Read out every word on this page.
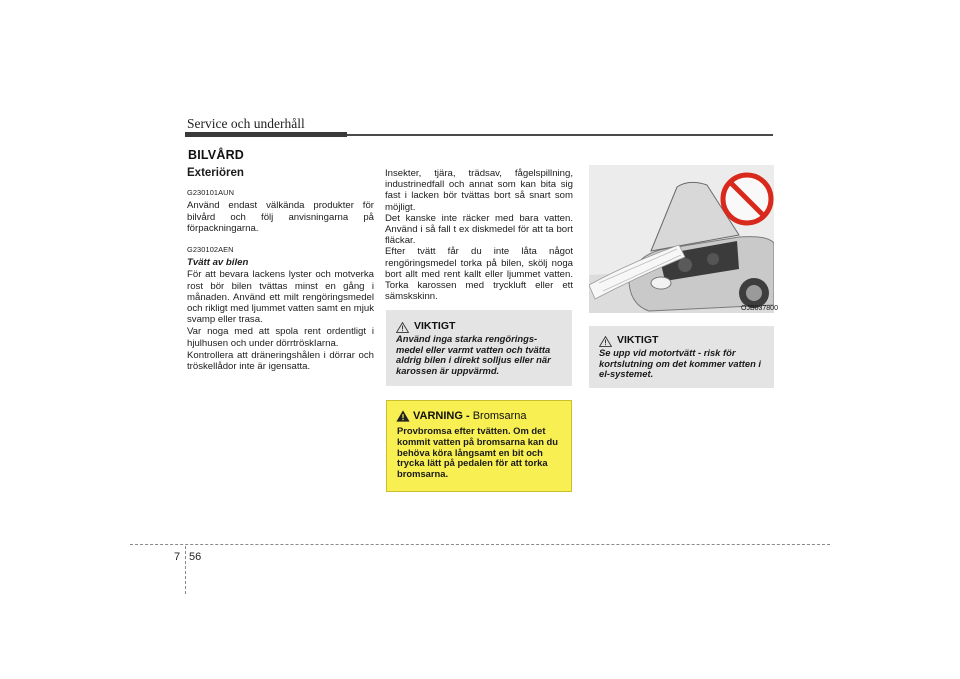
Service och underhåll
BILVÅRD
Exteriören
G230101AUN

Använd endast välkända produkter för bilvård och följ anvisningarna på förpackningarna.

G230102AEN
Tvätt av bilen

För att bevara lackens lyster och motverka rost bör bilen tvättas minst en gång i månaden. Använd ett milt rengöringsmedel och rikligt med ljummet vatten samt en mjuk svamp eller trasa.

Var noga med att spola rent ordentligt i hjulhusen och under dörrtröskIarna.

Kontrollera att dräneringshålen i dörrar och tröskellådor inte är igensatta.

Insekter, tjära, trädsav, fågelspillning, industrinedfall och annat som kan bita sig fast i lacken bör tvättas bort så snart som möjligt.

Det kanske inte räcker med bara vatten. Använd i så fall t ex diskmedel för att ta bort fläckar.

Efter tvätt får du inte låta något rengöringsmedel torka på bilen, skölj noga bort allt med rent kallt eller ljummet vatten. Torka karossen med tryckluft eller ett sämskskinn.

VIKTIGT
Använd inga starka rengörings-medel eller varmt vatten och tvätta aldrig bilen i direkt solljus eller när karossen är uppvärmd.
VARNING - Bromsarna
Provbromsa efter tvätten. Om det kommit vatten på bromsarna kan du behöva köra långsamt en bit och trycka lätt på pedalen för att torka bromsarna.
OJB037800
VIKTIGT
Se upp vid motortvätt - risk för kortslutning om det kommer vatten i el-systemet.
7 56
